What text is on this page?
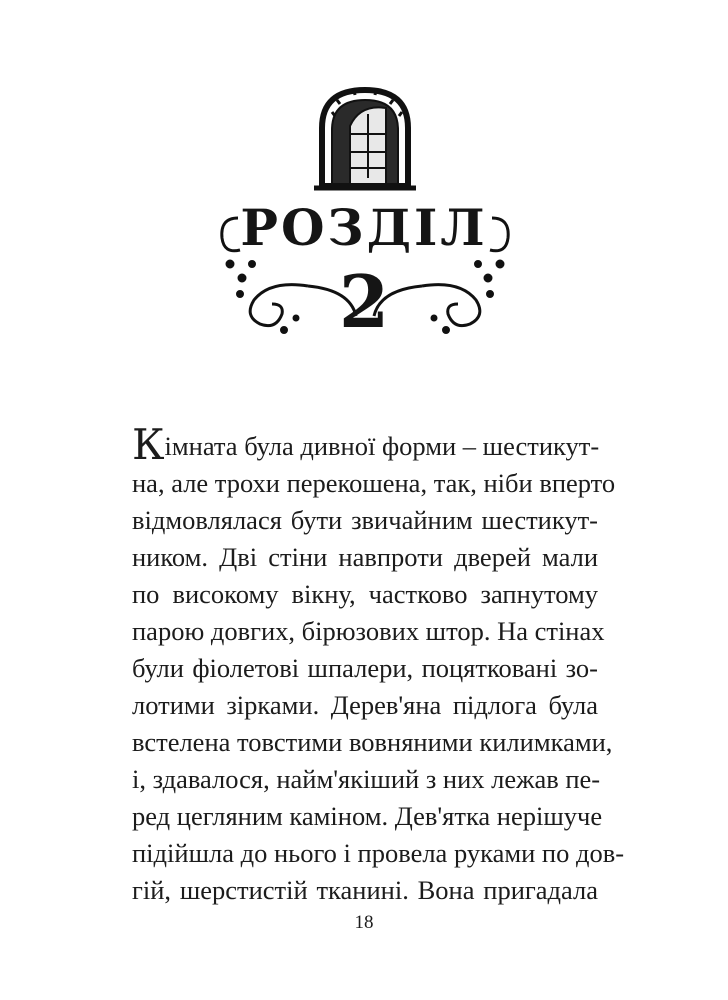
РОЗДІЛ
2
Кімната була дивної форми – шестикут-
на, але трохи перекошена, так, ніби вперто
відмовлялася бути звичайним шестикут-
ником. Дві стіни навпроти дверей мали
по високому вікну, частково запнутому
парою довгих, бірюзових штор. На стінах
були фіолетові шпалери, поцятковані зо-
лотими зірками. Дерев'яна підлога була
встелена товстими вовняними килимками,
і, здавалося, найм'якіший з них лежав пе-
ред цегляним каміном. Дев'ятка нерішуче
підійшла до нього і провела руками по дов-
гій, шерстистій тканині. Вона пригадала
18
